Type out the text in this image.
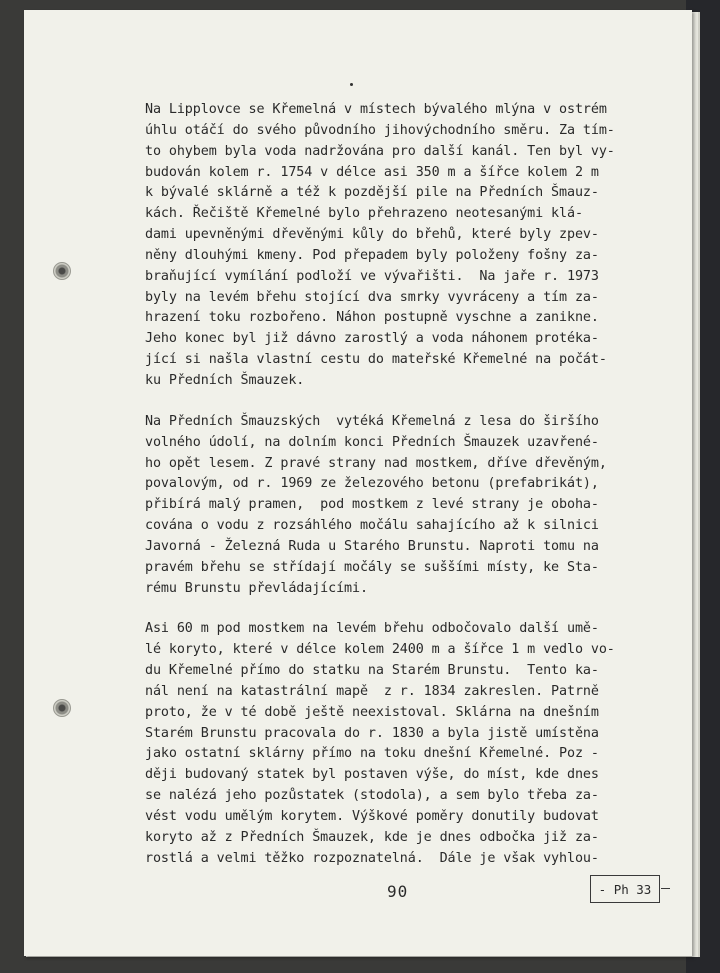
Na Lipplovce se Křemelná v místech bývalého mlýna v ostrém
úhlu otáčí do svého původního jihovýchodního směru. Za tím-
to ohybem byla voda nadržována pro další kanál. Ten byl vy-
budován kolem r. 1754 v délce asi 350 m a šířce kolem 2 m
k bývalé sklárně a též k pozdější pile na Předních Šmauz-
kách. Řečiště Křemelné bylo přehrazeno neotesanými klá-
dami upevněnými dřevěnými kůly do břehů, které byly zpev-
něny dlouhými kmeny. Pod přepadem byly položeny fošny za-
braňující vymílání podloží ve vývařišti.  Na jaře r. 1973
byly na levém břehu stojící dva smrky vyvráceny a tím za-
hrazení toku rozbořeno. Náhon postupně vyschne a zanikne.
Jeho konec byl již dávno zarostlý a voda náhonem protéka-
jící si našla vlastní cestu do mateřské Křemelné na počát-
ku Předních Šmauzek.
Na Předních Šmauzských  vytéká Křemelná z lesa do širšího
volného údolí, na dolním konci Předních Šmauzek uzavřené-
ho opět lesem. Z pravé strany nad mostkem, dříve dřevěným,
povalovým, od r. 1969 ze železového betonu (prefabrikát),
přibírá malý pramen,  pod mostkem z levé strany je oboha-
cována o vodu z rozsáhlého močálu sahajícího až k silnici
Javorná - Železná Ruda u Starého Brunstu. Naproti tomu na
pravém břehu se střídají močály se suššími místy, ke Sta-
rému Brunstu převládajícími.
Asi 60 m pod mostkem na levém břehu odbočovalo další umě-
lé koryto, které v délce kolem 2400 m a šířce 1 m vedlo vo-
du Křemelné přímo do statku na Starém Brunstu.  Tento ka-
nál není na katastrální mapě  z r. 1834 zakreslen. Patrně
proto, že v té době ještě neexistoval. Sklárna na dnešním
Starém Brunstu pracovala do r. 1830 a byla jistě umístěna
jako ostatní sklárny přímo na toku dnešní Křemelné. Poz -
ději budovaný statek byl postaven výše, do míst, kde dnes
se nalézá jeho pozůstatek (stodola), a sem bylo třeba za-
vést vodu umělým korytem. Výškové poměry donutily budovat
koryto až z Předních Šmauzek, kde je dnes odbočka již za-
rostlá a velmi těžko rozpoznatelná.  Dále je však vyhlou-
90	- Ph 33
